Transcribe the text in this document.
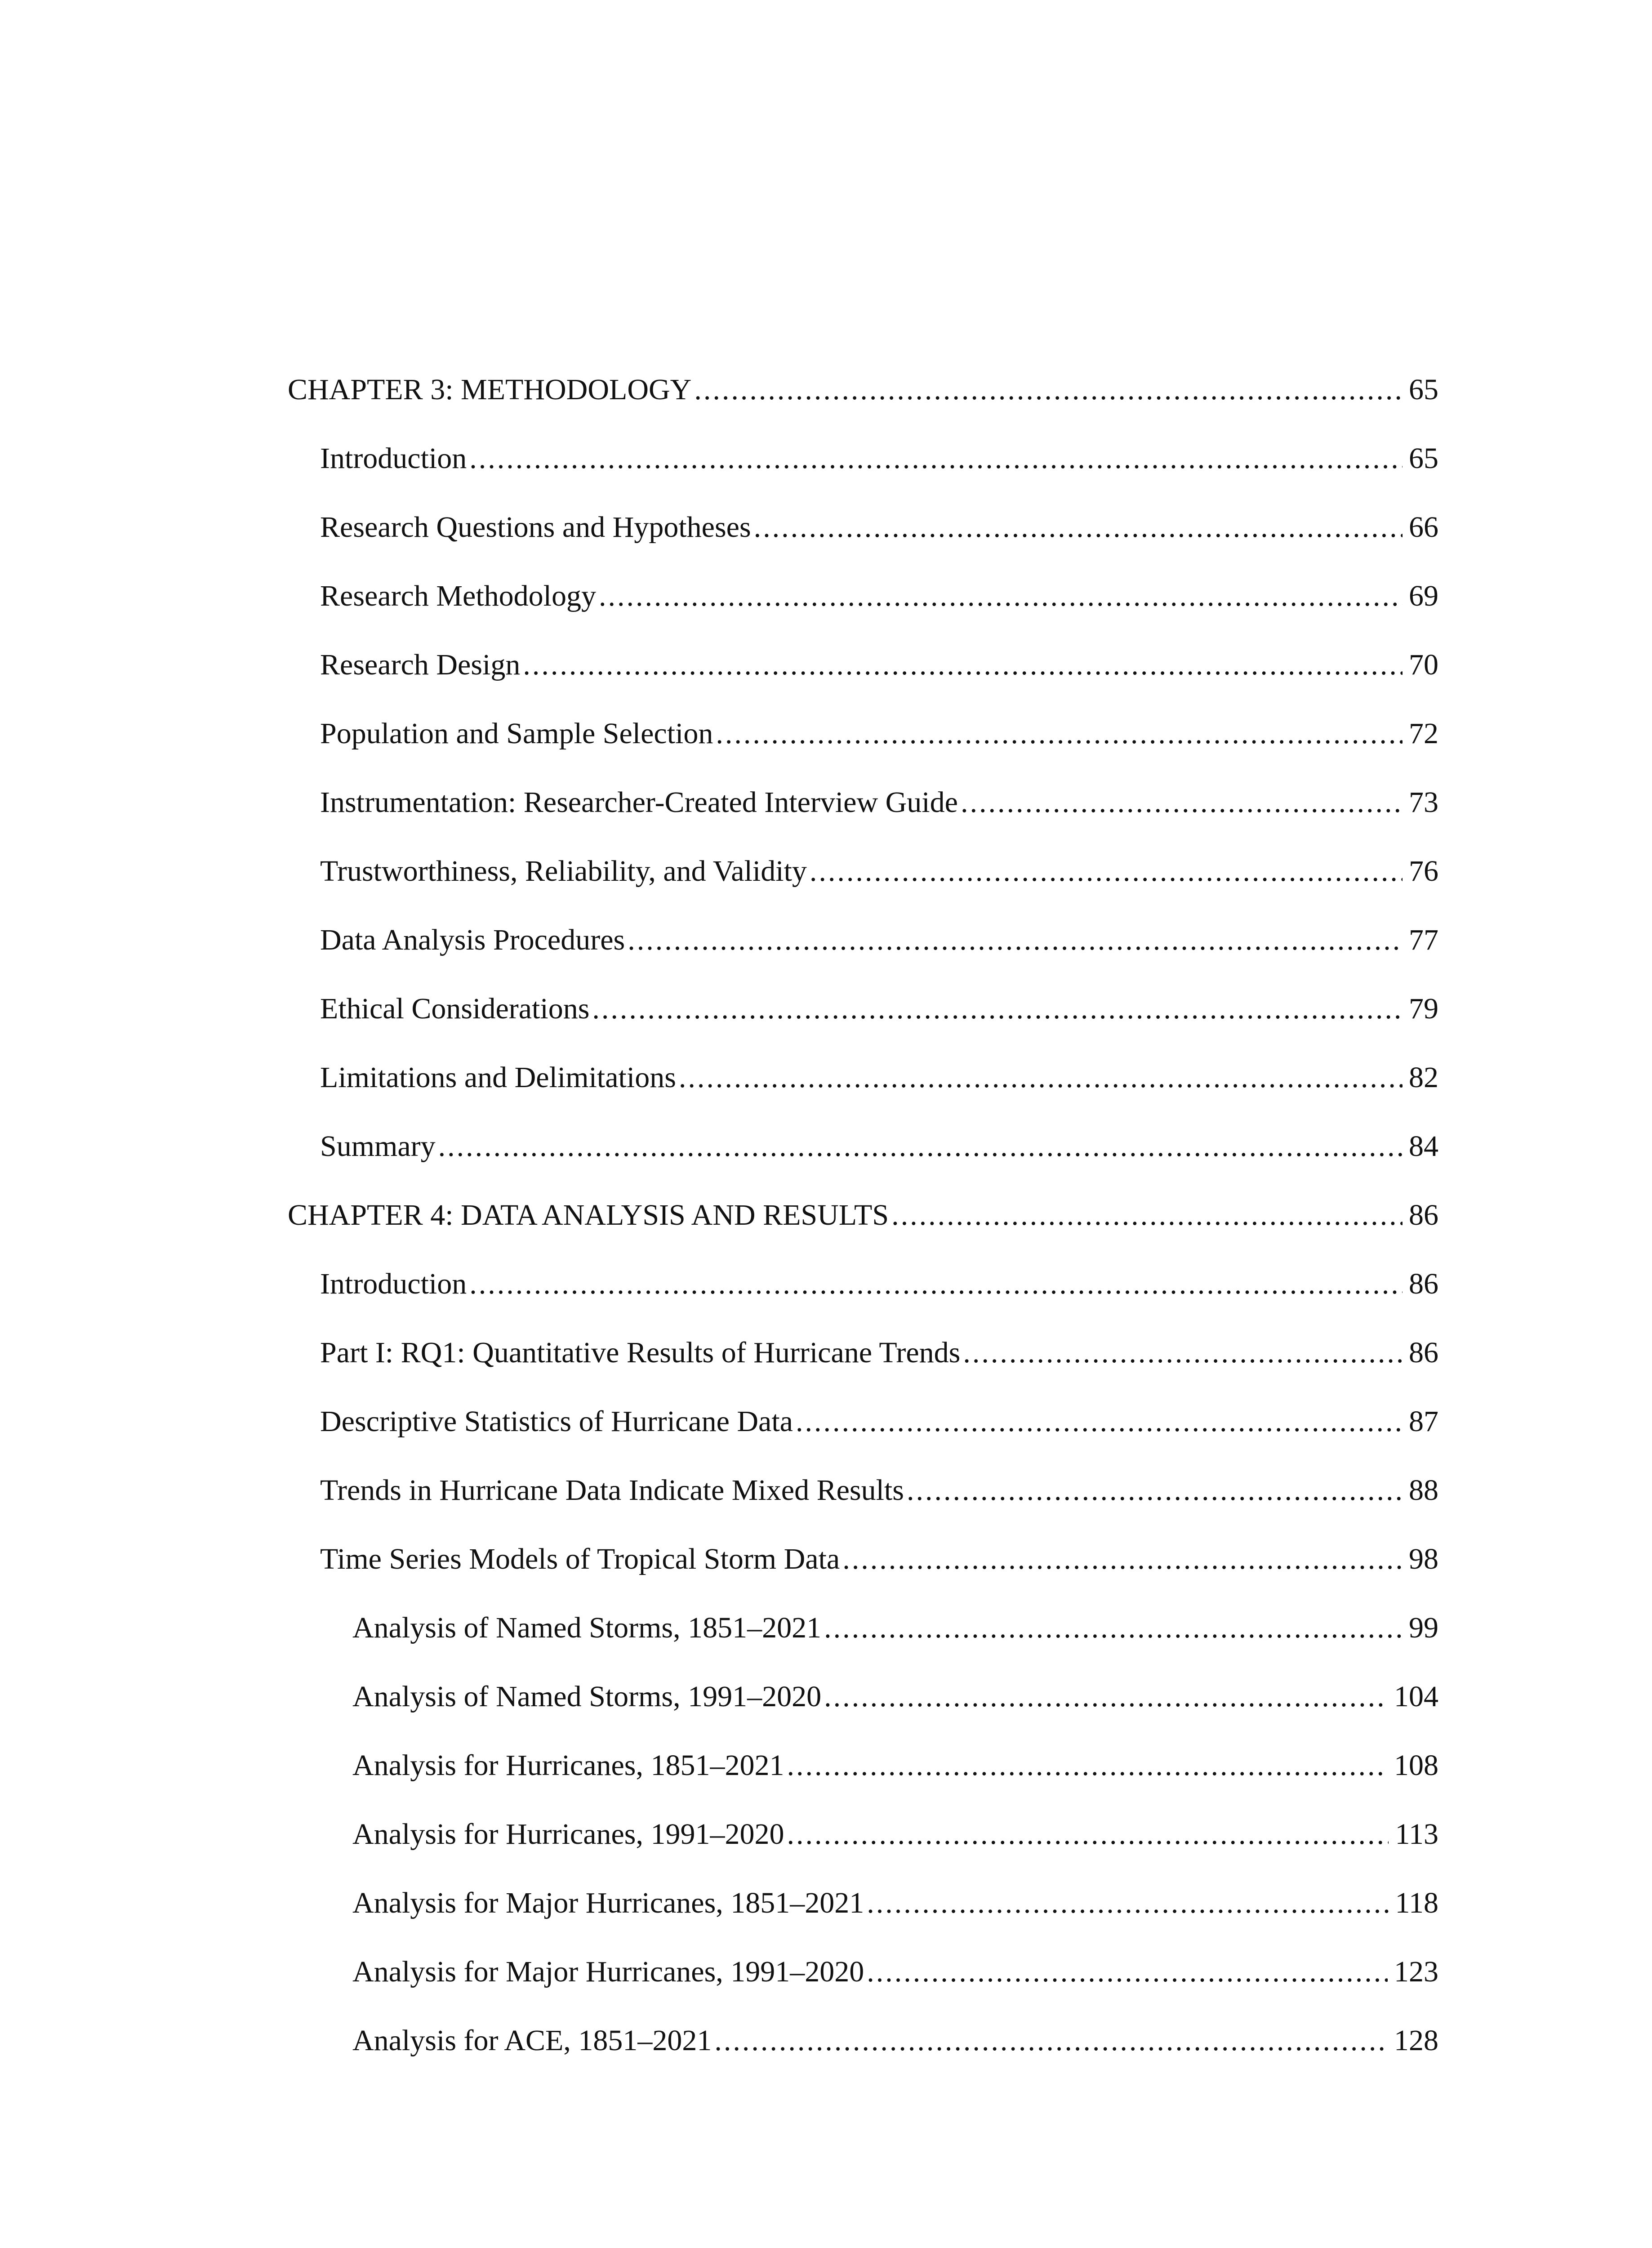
CHAPTER 3: METHODOLOGY .....	65
Introduction .....	65
Research Questions and Hypotheses .....	66
Research Methodology .....	69
Research Design .....	70
Population and Sample Selection .....	72
Instrumentation: Researcher-Created Interview Guide .....	73
Trustworthiness, Reliability, and Validity .....	76
Data Analysis Procedures .....	77
Ethical Considerations .....	79
Limitations and Delimitations .....	82
Summary .....	84
CHAPTER 4: DATA ANALYSIS AND RESULTS .....	86
Introduction .....	86
Part I: RQ1: Quantitative Results of Hurricane Trends .....	86
Descriptive Statistics of Hurricane Data .....	87
Trends in Hurricane Data Indicate Mixed Results .....	88
Time Series Models of Tropical Storm Data .....	98
Analysis of Named Storms, 1851–2021 .....	99
Analysis of Named Storms, 1991–2020 .....	104
Analysis for Hurricanes, 1851–2021 .....	108
Analysis for Hurricanes, 1991–2020 .....	113
Analysis for Major Hurricanes, 1851–2021 .....	118
Analysis for Major Hurricanes, 1991–2020 .....	123
Analysis for ACE, 1851–2021 .....	128
